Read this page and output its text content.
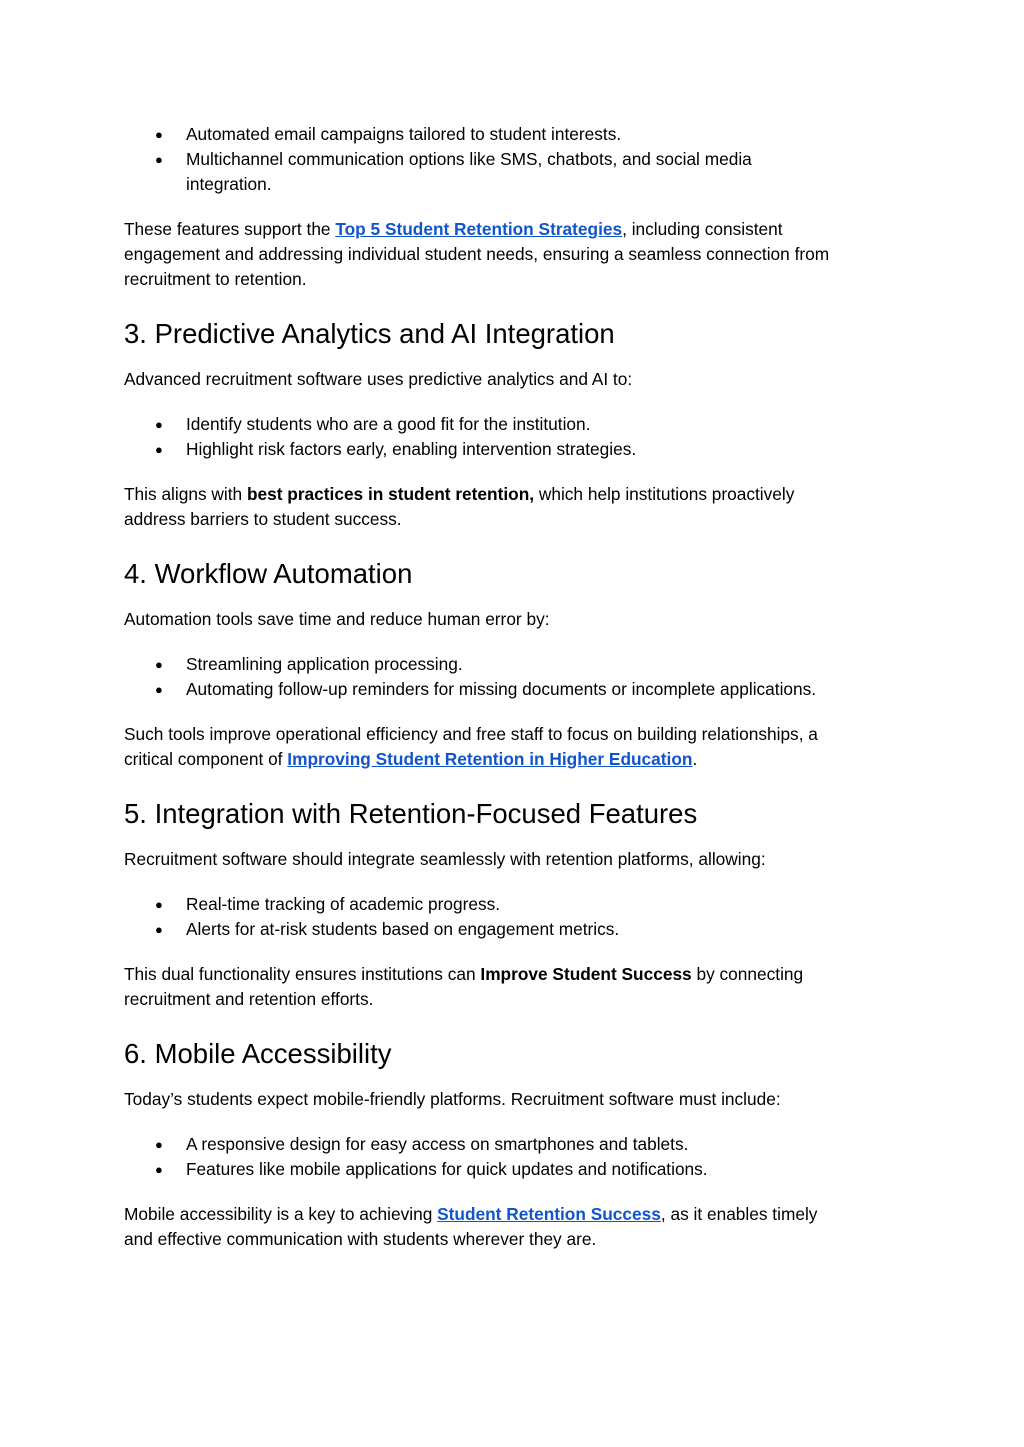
● Automated email campaigns tailored to student interests.
● Multichannel communication options like SMS, chatbots, and social media
integration.

These features support the Top 5 Student Retention Strategies, including consistent
engagement and addressing individual student needs, ensuring a seamless connection from
recruitment to retention.

3. Predictive Analytics and AI Integration

Advanced recruitment software uses predictive analytics and AI to:

● Identify students who are a good fit for the institution.
● Highlight risk factors early, enabling intervention strategies.

This aligns with best practices in student retention, which help institutions proactively
address barriers to student success.

4. Workflow Automation

Automation tools save time and reduce human error by:

● Streamlining application processing.
● Automating follow-up reminders for missing documents or incomplete applications.

Such tools improve operational efficiency and free staff to focus on building relationships, a
critical component of Improving Student Retention in Higher Education.

5. Integration with Retention-Focused Features

Recruitment software should integrate seamlessly with retention platforms, allowing:

● Real-time tracking of academic progress.
● Alerts for at-risk students based on engagement metrics.

This dual functionality ensures institutions can Improve Student Success by connecting
recruitment and retention efforts.

6. Mobile Accessibility

Today’s students expect mobile-friendly platforms. Recruitment software must include:

● A responsive design for easy access on smartphones and tablets.
● Features like mobile applications for quick updates and notifications.

Mobile accessibility is a key to achieving Student Retention Success, as it enables timely
and effective communication with students wherever they are.
